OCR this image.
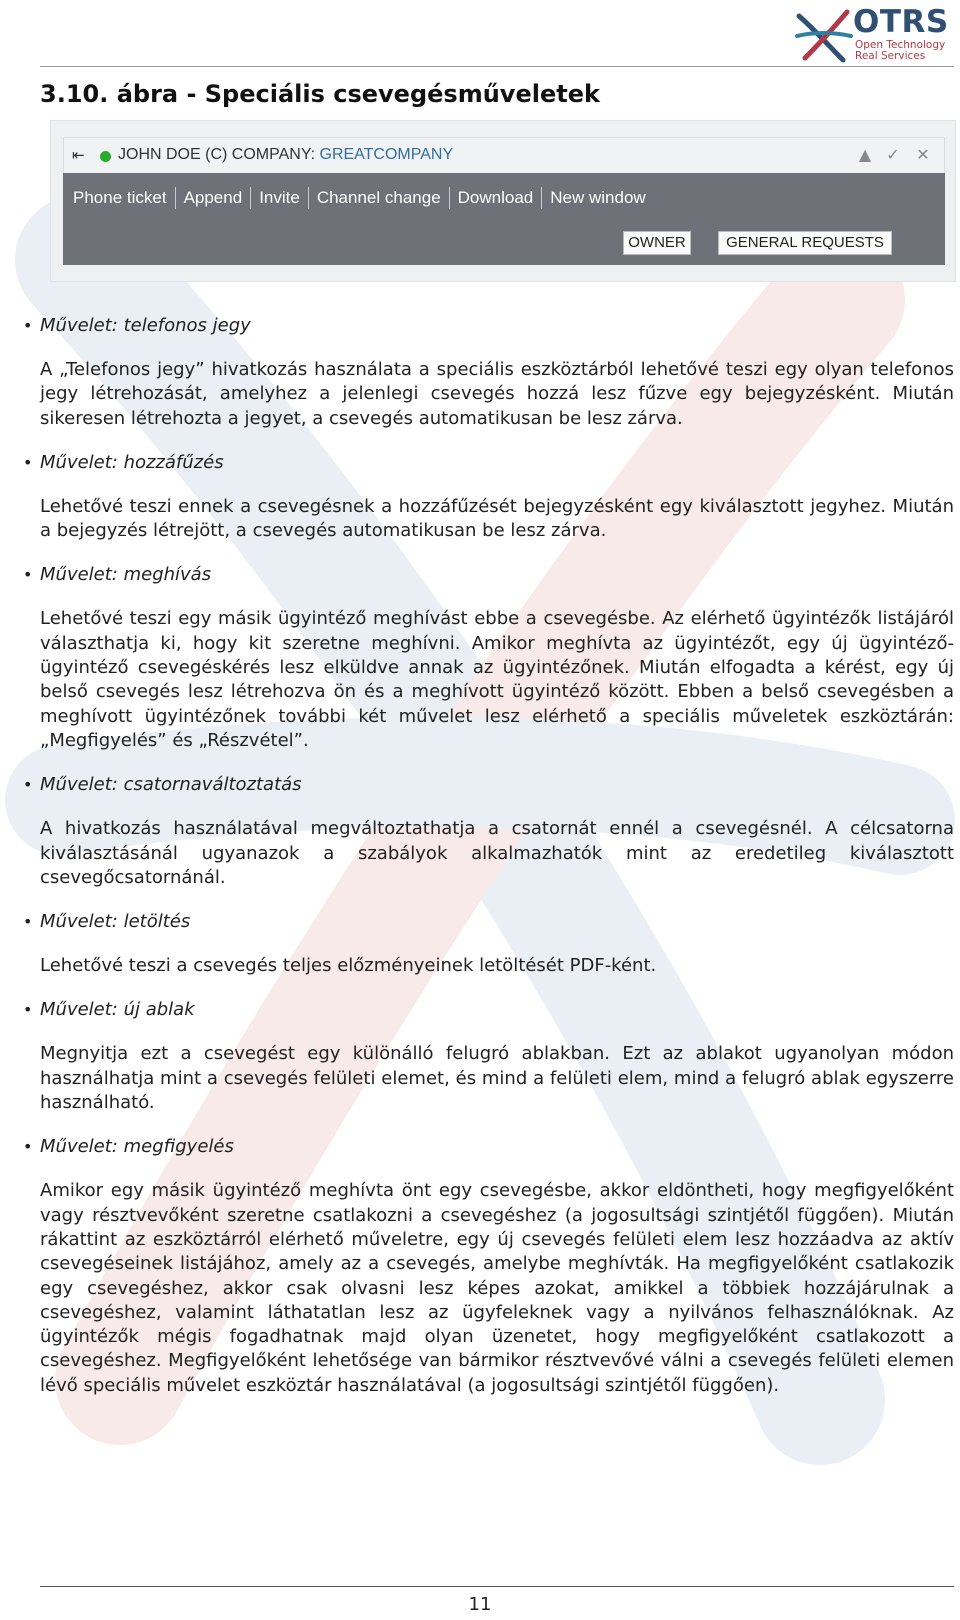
OTRS
Open Technology
Real Services
3.10. ábra - Speciális csevegésműveletek
⇤	JOHN DOE (C) COMPANY: GREATCOMPANY	▲ ✓ ✕
Phone ticket Append Invite Channel change Download New window
OWNER	GENERAL REQUESTS
• Művelet: telefonos jegy

A „Telefonos jegy” hivatkozás használata a speciális eszköztárból lehetővé teszi egy olyan telefonos jegy létrehozását, amelyhez a jelenlegi csevegés hozzá lesz fűzve egy bejegyzésként. Miután sikeresen létrehozta a jegyet, a csevegés automatikusan be lesz zárva.

• Művelet: hozzáfűzés

Lehetővé teszi ennek a csevegésnek a hozzáfűzését bejegyzésként egy kiválasztott jegyhez. Miután a bejegyzés létrejött, a csevegés automatikusan be lesz zárva.

• Művelet: meghívás

Lehetővé teszi egy másik ügyintéző meghívást ebbe a csevegésbe. Az elérhető ügyintézők listájáról választhatja ki, hogy kit szeretne meghívni. Amikor meghívta az ügyintézőt, egy új ügyintéző-ügyintéző csevegéskérés lesz elküldve annak az ügyintézőnek. Miután elfogadta a kérést, egy új belső csevegés lesz létrehozva ön és a meghívott ügyintéző között. Ebben a belső csevegésben a meghívott ügyintézőnek további két művelet lesz elérhető a speciális műveletek eszköztárán: „Megfigyelés” és „Részvétel”.

• Művelet: csatornaváltoztatás

A hivatkozás használatával megváltoztathatja a csatornát ennél a csevegésnél. A célcsatorna kiválasztásánál ugyanazok a szabályok alkalmazhatók mint az eredetileg kiválasztott csevegőcsatornánál.

• Művelet: letöltés

Lehetővé teszi a csevegés teljes előzményeinek letöltését PDF-ként.

• Művelet: új ablak

Megnyitja ezt a csevegést egy különálló felugró ablakban. Ezt az ablakot ugyanolyan módon használhatja mint a csevegés felületi elemet, és mind a felületi elem, mind a felugró ablak egyszerre használható.

• Művelet: megfigyelés

Amikor egy másik ügyintéző meghívta önt egy csevegésbe, akkor eldöntheti, hogy megfigyelőként vagy résztvevőként szeretne csatlakozni a csevegéshez (a jogosultsági szintjétől függően). Miután rákattint az eszköztárról elérhető műveletre, egy új csevegés felületi elem lesz hozzáadva az aktív csevegéseinek listájához, amely az a csevegés, amelybe meghívták. Ha megfigyelőként csatlakozik egy csevegéshez, akkor csak olvasni lesz képes azokat, amikkel a többiek hozzájárulnak a csevegéshez, valamint láthatatlan lesz az ügyfeleknek vagy a nyilvános felhasználóknak. Az ügyintézők mégis fogadhatnak majd olyan üzenetet, hogy megfigyelőként csatlakozott a csevegéshez. Megfigyelőként lehetősége van bármikor résztvevővé válni a csevegés felületi elemen lévő speciális művelet eszköztár használatával (a jogosultsági szintjétől függően).

11
